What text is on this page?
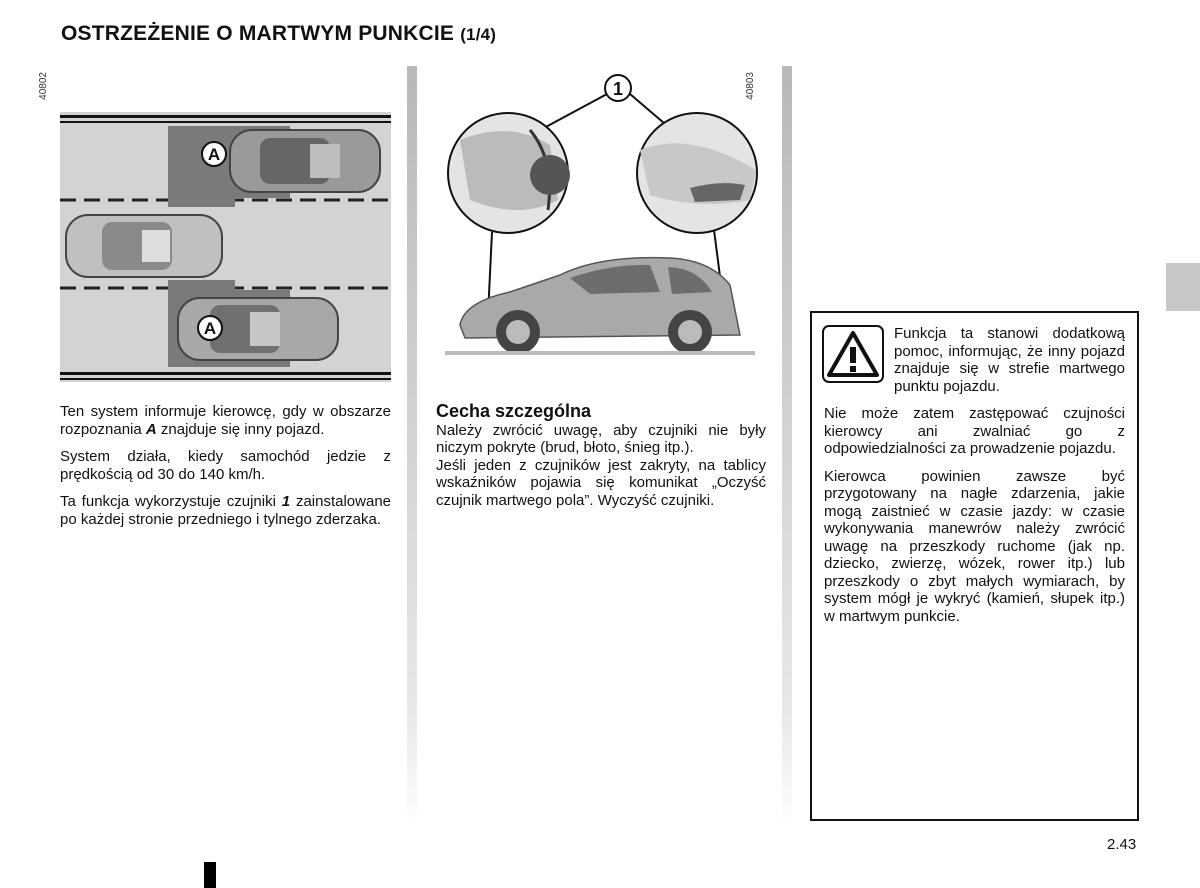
OSTRZEŻENIE O MARTWYM PUNKCIE (1/4)
40802
A
A

Ten system informuje kierowcę, gdy w obszarze rozpoznania A znajduje się inny pojazd.

System działa, kiedy samochód jedzie z prędkością od 30 do 140 km/h.

Ta funkcja wykorzystuje czujniki 1 zainstalowane po każdej stronie przedniego i tylnego zderzaka.

40803
1
Cecha szczególna

Należy zwrócić uwagę, aby czujniki nie były niczym pokryte (brud, błoto, śnieg itp.).

Jeśli jeden z czujników jest zakryty, na tablicy wskaźników pojawia się komunikat „Oczyść czujnik martwego pola”. Wyczyść czujniki.

Funkcja ta stanowi dodatkową pomoc, informując, że inny pojazd znajduje się w strefie martwego punktu pojazdu.

Nie może zatem zastępować czujności kierowcy ani zwalniać go z odpowiedzialności za prowadzenie pojazdu.

Kierowca powinien zawsze być przygotowany na nagłe zdarzenia, jakie mogą zaistnieć w czasie jazdy: w czasie wykonywania manewrów należy zwrócić uwagę na przeszkody ruchome (jak np. dziecko, zwierzę, wózek, rower itp.) lub przeszkody o zbyt małych wymiarach, by system mógł je wykryć (kamień, słupek itp.) w martwym punkcie.

2.43
